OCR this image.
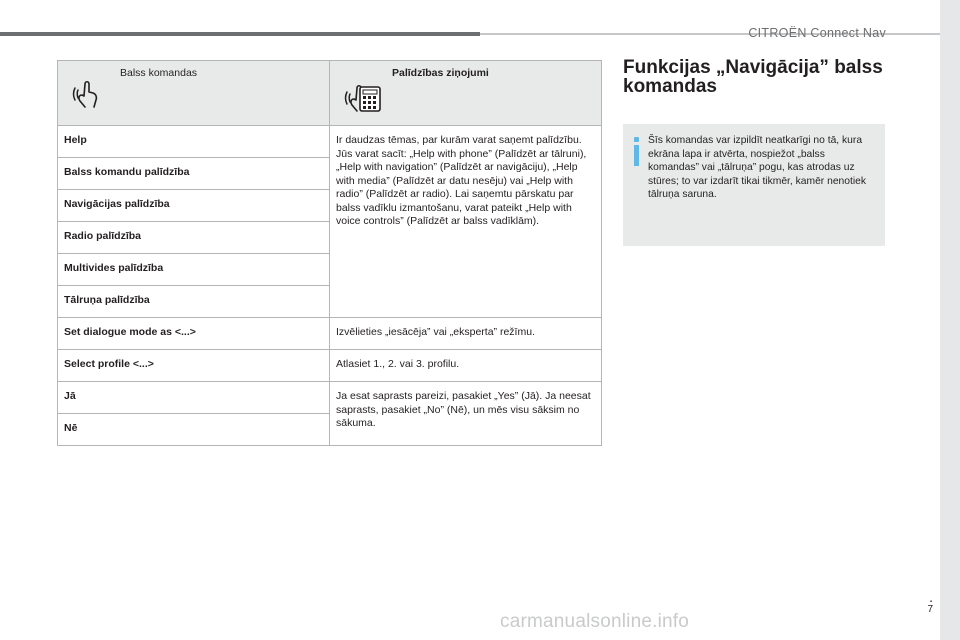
CITROËN Connect Nav
Balss komandas	Palīdzības ziņojumi

Help	Ir daudzas tēmas, par kurām varat saņemt palīdzību. Jūs varat sacīt: „Help with phone” (Palīdzēt ar tālruni), „Help with navigation” (Palīdzēt ar navigāciju), „Help with media” (Palīdzēt ar datu nesēju) vai „Help with radio” (Palīdzēt ar radio). Lai saņemtu pārskatu par balss vadīklu izmantošanu, varat pateikt „Help with voice controls” (Palīdzēt ar balss vadīklām).

Balss komandu palīdzība	

Navigācijas palīdzība	

Radio palīdzība	

Multivides palīdzība	

Tālruņa palīdzība	

Set dialogue mode as <...>	Izvēlieties „iesācēja” vai „eksperta” režīmu.

Select profile <...>	Atlasiet 1., 2. vai 3. profilu.

Jā	Ja esat saprasts pareizi, pasakiet „Yes” (Jā). Ja neesat saprasts, pasakiet „No” (Nē), un mēs visu sāksim no sākuma.

Nē	
Funkcijas „Navigācija” balss komandas
Šīs komandas var izpildīt neatkarīgi no tā, kura ekrāna lapa ir atvērta, nospiežot „balss komandas” vai „tālruņa” pogu, kas atrodas uz stūres; to var izdarīt tikai tikmēr, kamēr nenotiek tālruņa saruna.
.
7
carmanualsonline.info
